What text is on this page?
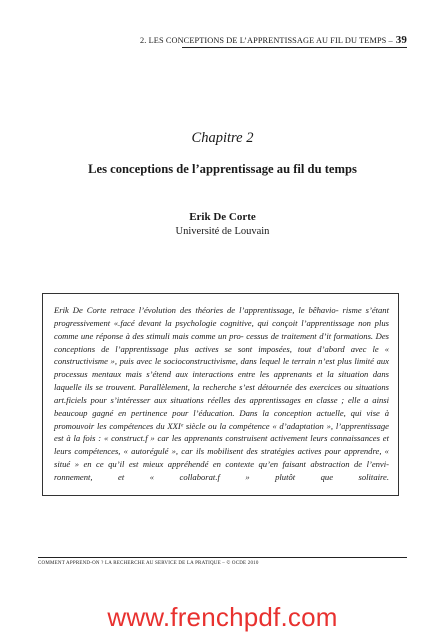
2. LES CONCEPTIONS DE L’APPRENTISSAGE AU FIL DU TEMPS – 39
Chapitre 2
Les conceptions de l’apprentissage au fil du temps
Erik De Corte
Université de Louvain

Erik De Corte retrace l’évolution des théories de l’apprentissage, le bêhavio- risme s’étant progressivement «.facé devant la psychologie cognitive, qui conçoit l’apprentissage non plus comme une réponse à des stimuli mais comme un pro- cessus de traitement d’it formations. Des conceptions de l’apprentissage plus actives se sont imposées, tout d’abord avec le « constructivisme », puis avec le socioconstructivisme, dans lequel le terrain n’est plus limité aux processus mentaux mais s’étend aux interactions entre les apprenants et la situation dans laquelle ils se trouvent. Parallèlement, la recherche s’est détournée des exercices ou situations art.ficiels pour s’intéresser aux situations réelles des apprentissages en classe ; elle a ainsi beaucoup gagné en pertinence pour l’éducation. Dans la conception actuelle, qui vise à promouvoir les compétences du XXIᵉ siècle ou la compétence « d’adaptation », l’apprentissage est à la fois : « construct.f » car les apprenants construisent activement leurs connaissances et leurs compétences, « autorégulé », car ils mobilisent des stratégies actives pour apprendre, « situé » en ce qu’il est mieux appréhendé en contexte qu’en faisant abstraction de l’envi- ronnement, et « collaborat.f » plutôt que solitaire.

COMMENT APPREND-ON ? LA RECHERCHE AU SERVICE DE LA PRATIQUE – © OCDE 2010
www.frenchpdf.com
